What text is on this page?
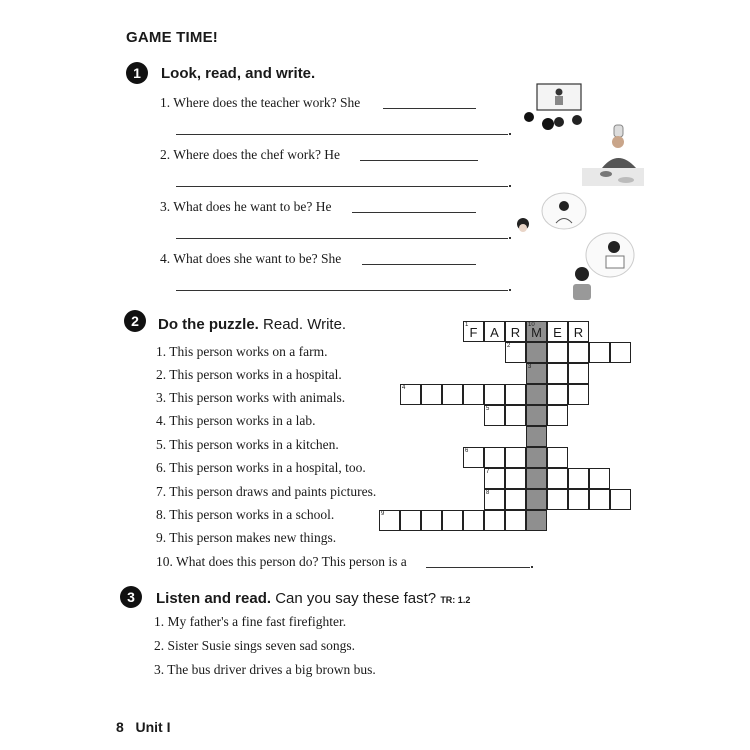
GAME TIME!
1	Look, read, and write.
1. Where does the teacher work? She
2. Where does the chef work? He
3. What does he want to be? He
4. What does she want to be? She
2	Do the puzzle. Read. Write.
1. This person works on a farm.
2. This person works in a hospital.
3. This person works with animals.
4. This person works in a lab.
5. This person works in a kitchen.
6. This person works in a hospital, too.
7. This person draws and paints pictures.
8. This person works in a school.
9. This person makes new things.
10. What does this person do? This person is a
1 F A R	10
M E R
2
3
4
5
6
7
8
9
3	Listen and read. Can you say these fast? TR: 1.2
1. My father's a fine fast firefighter.
2. Sister Susie sings seven sad songs.
3. The bus driver drives a big brown bus.
8 Unit I
